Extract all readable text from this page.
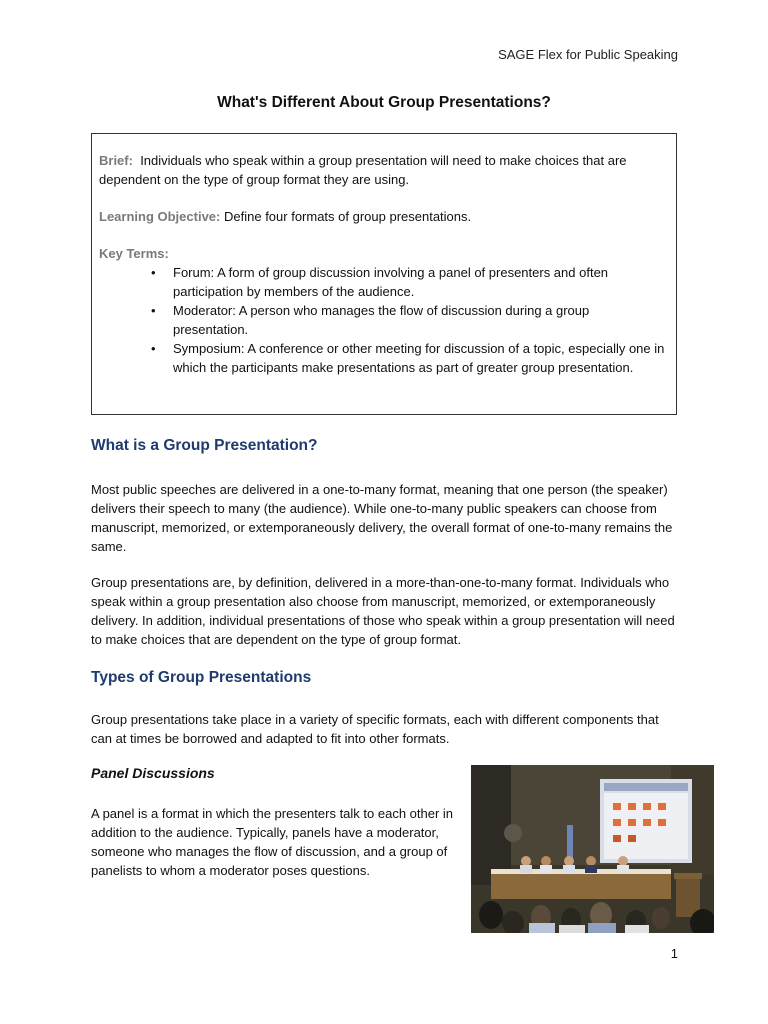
SAGE Flex for Public Speaking
What's Different About Group Presentations?

Brief: Individuals who speak within a group presentation will need to make choices that are dependent on the type of group format they are using.

Learning Objective: Define four formats of group presentations.

Key Terms:

• Forum: A form of group discussion involving a panel of presenters and often participation by members of the audience.
• Moderator: A person who manages the flow of discussion during a group presentation.
• Symposium: A conference or other meeting for discussion of a topic, especially one in which the participants make presentations as part of greater group presentation.
What is a Group Presentation?

Most public speeches are delivered in a one-to-many format, meaning that one person (the speaker) delivers their speech to many (the audience). While one-to-many public speakers can choose from manuscript, memorized, or extemporaneously delivery, the overall format of one-to-many remains the same.

Group presentations are, by definition, delivered in a more-than-one-to-many format. Individuals who speak within a group presentation also choose from manuscript, memorized, or extemporaneously delivery. In addition, individual presentations of those who speak within a group presentation will need to make choices that are dependent on the type of group format.

Types of Group Presentations

Group presentations take place in a variety of specific formats, each with different components that can at times be borrowed and adapted to fit into other formats.

Panel Discussions

A panel is a format in which the presenters talk to each other in addition to the audience. Typically, panels have a moderator, someone who manages the flow of discussion, and a group of panelists to whom a moderator poses questions.

1
